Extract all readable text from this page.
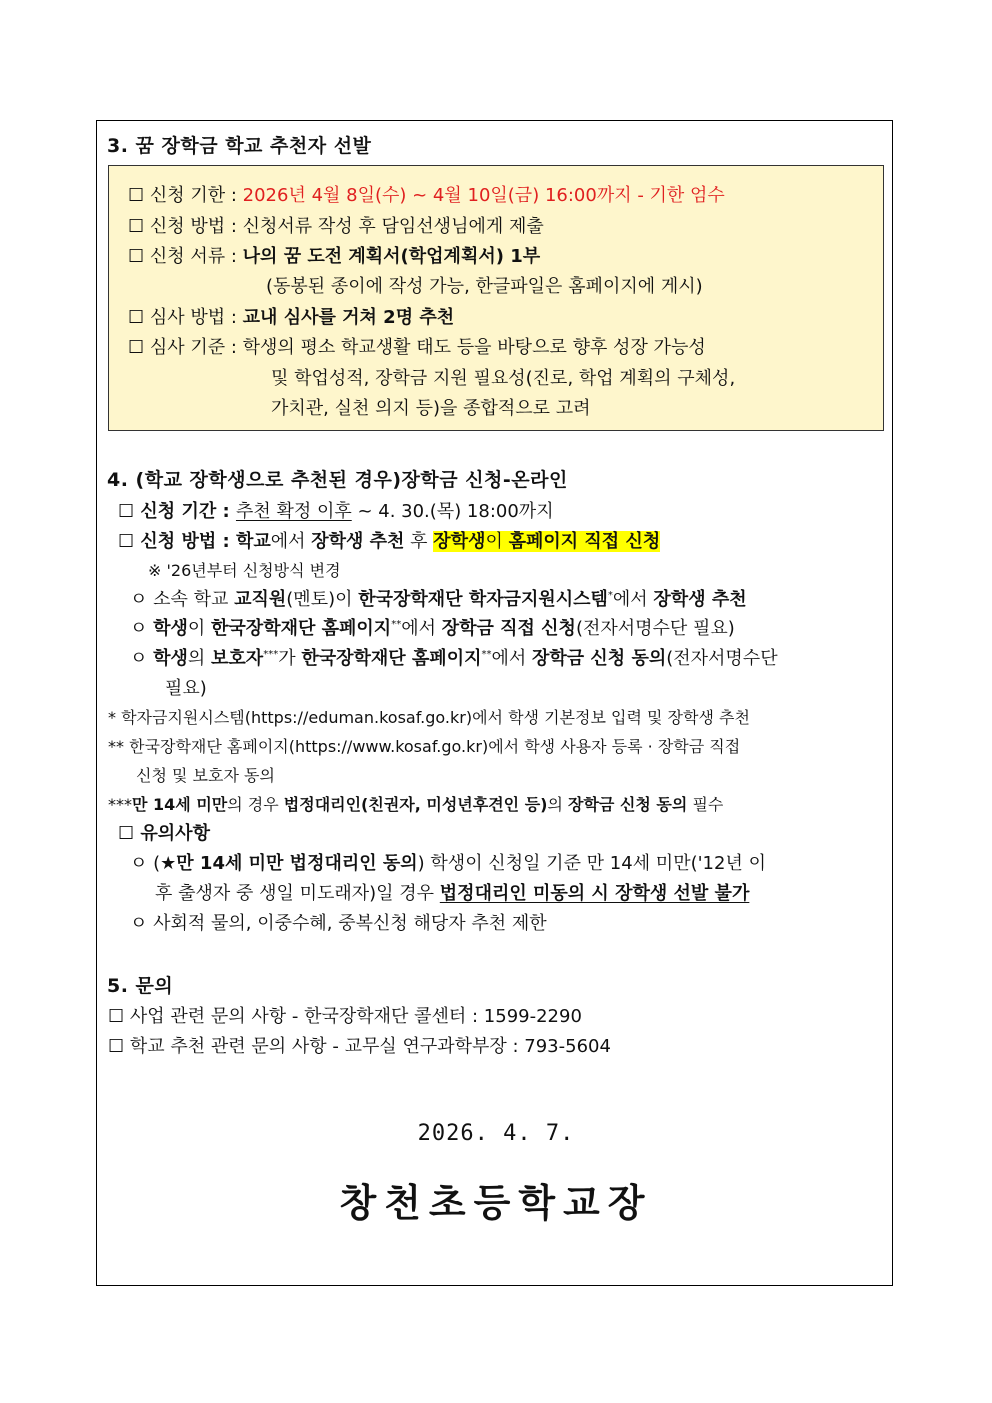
3. 꿈 장학금 학교 추천자 선발
☐ 신청 기한 : 2026년 4월 8일(수) ~ 4월 10일(금) 16:00까지 - 기한 엄수
☐ 신청 방법 : 신청서류 작성 후 담임선생님에게 제출
☐ 신청 서류 : 나의 꿈 도전 계획서(학업계획서) 1부
(동봉된 종이에 작성 가능, 한글파일은 홈페이지에 게시)
☐ 심사 방법 : 교내 심사를 거쳐 2명 추천
☐ 심사 기준 : 학생의 평소 학교생활 태도 등을 바탕으로 향후 성장 가능성
및 학업성적, 장학금 지원 필요성(진로, 학업 계획의 구체성,
가치관, 실천 의지 등)을 종합적으로 고려
4. (학교 장학생으로 추천된 경우)장학금 신청-온라인
☐ 신청 기간 : 추천 확정 이후 ~ 4. 30.(목) 18:00까지
☐ 신청 방법 : 학교에서 장학생 추천 후 장학생이 홈페이지 직접 신청
※ '26년부터 신청방식 변경
ㅇ 소속 학교 교직원(멘토)이 한국장학재단 학자금지원시스템*에서 장학생 추천
ㅇ 학생이 한국장학재단 홈페이지**에서 장학금 직접 신청(전자서명수단 필요)
ㅇ 학생의 보호자***가 한국장학재단 홈페이지**에서 장학금 신청 동의(전자서명수단
필요)
* 학자금지원시스템(https://eduman.kosaf.go.kr)에서 학생 기본정보 입력 및 장학생 추천
** 한국장학재단 홈페이지(https://www.kosaf.go.kr)에서 학생 사용자 등록 · 장학금 직접
신청 및 보호자 동의
***만 14세 미만의 경우 법정대리인(친권자, 미성년후견인 등)의 장학금 신청 동의 필수
☐ 유의사항
ㅇ (★만 14세 미만 법정대리인 동의) 학생이 신청일 기준 만 14세 미만('12년 이
후 출생자 중 생일 미도래자)일 경우 법정대리인 미동의 시 장학생 선발 불가
ㅇ 사회적 물의, 이중수혜, 중복신청 해당자 추천 제한
5. 문의
☐ 사업 관련 문의 사항 - 한국장학재단 콜센터 : 1599-2290
☐ 학교 추천 관련 문의 사항 - 교무실 연구과학부장 : 793-5604
2026. 4. 7.
창천초등학교장
